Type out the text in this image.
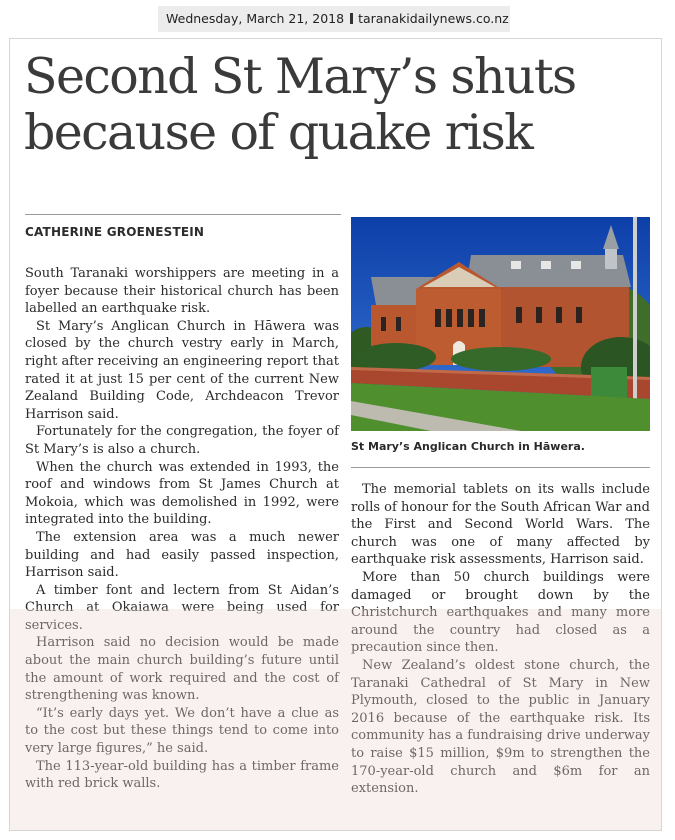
Wednesday, March 21, 2018 taranakidailynews.co.nz
Second St Mary’s shuts
because of quake risk
CATHERINE GROENESTEIN
St Mary’s Anglican Church in Hāwera.

South Taranaki worshippers are meeting in a foyer because their historical church has been labelled an earthquake risk.

St Mary’s Anglican Church in Hāwera was closed by the church vestry early in March, right after receiving an engineering report that rated it at just 15 per cent of the current New Zealand Building Code, Archdeacon Trevor Harrison said.

Fortunately for the congregation, the foyer of St Mary’s is also a church.

When the church was extended in 1993, the roof and windows from St James Church at Mokoia, which was demolished in 1992, were integrated into the building.

The extension area was a much newer building and had easily passed inspection, Harrison said.

A timber font and lectern from St Aidan’s Church at Okaiawa were being used for services.

Harrison said no decision would be made about the main church building’s future until the amount of work required and the cost of strengthening was known.

“It’s early days yet. We don’t have a clue as to the cost but these things tend to come into very large figures,” he said.

The 113-year-old building has a timber frame with red brick walls.

The memorial tablets on its walls include rolls of honour for the South African War and the First and Second World Wars. The church was one of many affected by earthquake risk assessments, Harrison said.

More than 50 church buildings were damaged or brought down by the Christchurch earthquakes and many more around the country had closed as a precaution since then.

New Zealand’s oldest stone church, the Taranaki Cathedral of St Mary in New Plymouth, closed to the public in January 2016 because of the earthquake risk. Its community has a fundraising drive underway to raise $15 million, $9m to strengthen the 170-year-old church and $6m for an extension.
